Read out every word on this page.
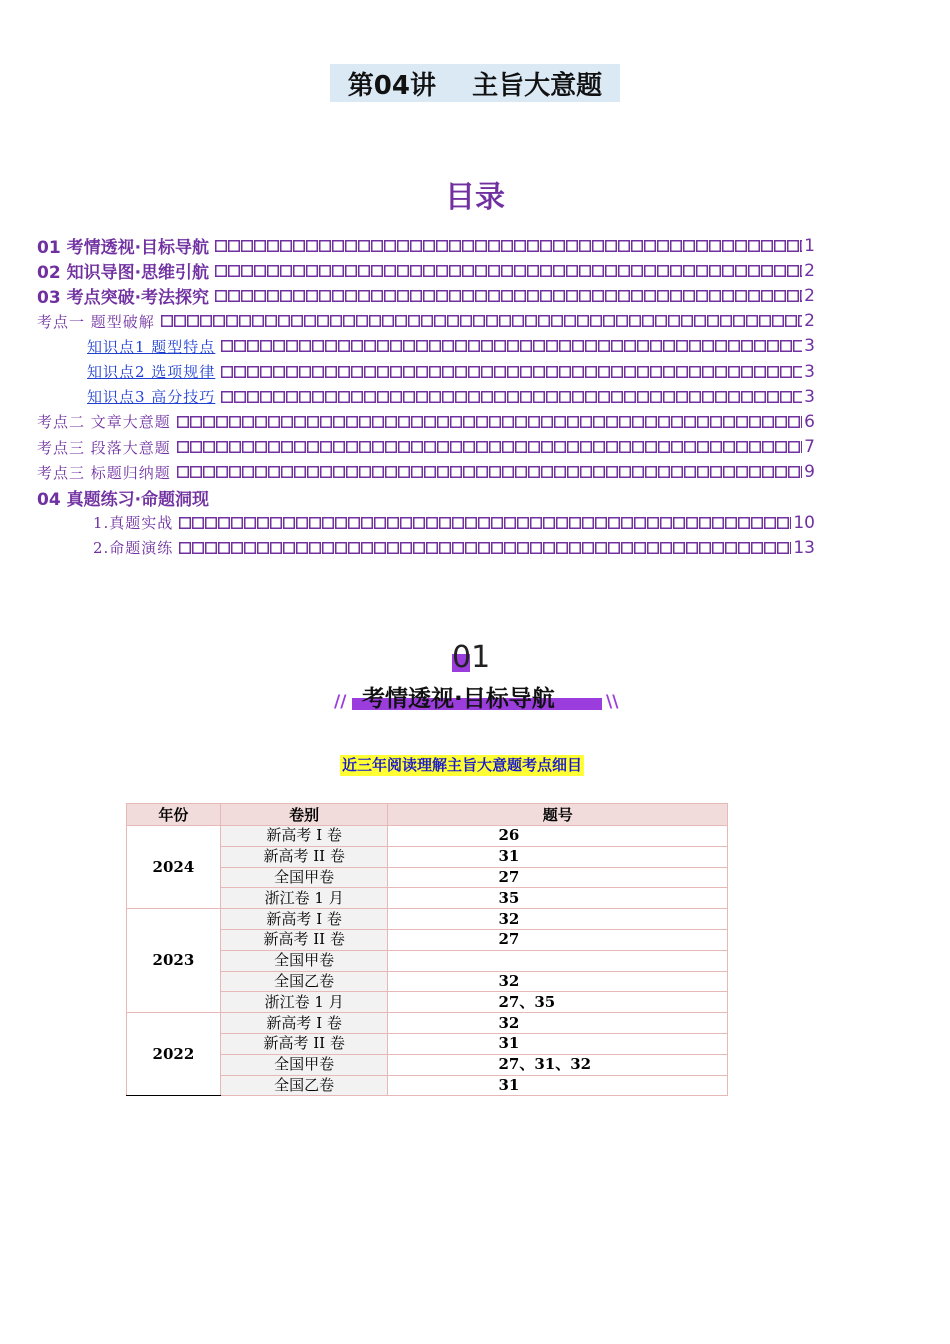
第04讲    主旨大意题
目录
01 考情透视·目标导航	1
02 知识导图·思维引航	2
03 考点突破·考法探究	2
考点一 题型破解	2
知识点1 题型特点	3
知识点2 选项规律	3
知识点3 高分技巧	3
考点二 文章大意题	6
考点三 段落大意题	7
考点三 标题归纳题	9
04 真题练习·命题洞现
1.真题实战	10
2.命题演练	13
01
//	\\
考情透视·目标导航
近三年阅读理解主旨大意题考点细目
年份	卷别	题号
2024	新高考 I 卷	26
	新高考 II 卷	31
	全国甲卷	27
	浙江卷 1 月	35
2023	新高考 I 卷	32
	新高考 II 卷	27
	全国甲卷	
	全国乙卷	32
	浙江卷 1 月	27、35
2022	新高考 I 卷	32
	新高考 II 卷	31
	全国甲卷	27、31、32
	全国乙卷	31
